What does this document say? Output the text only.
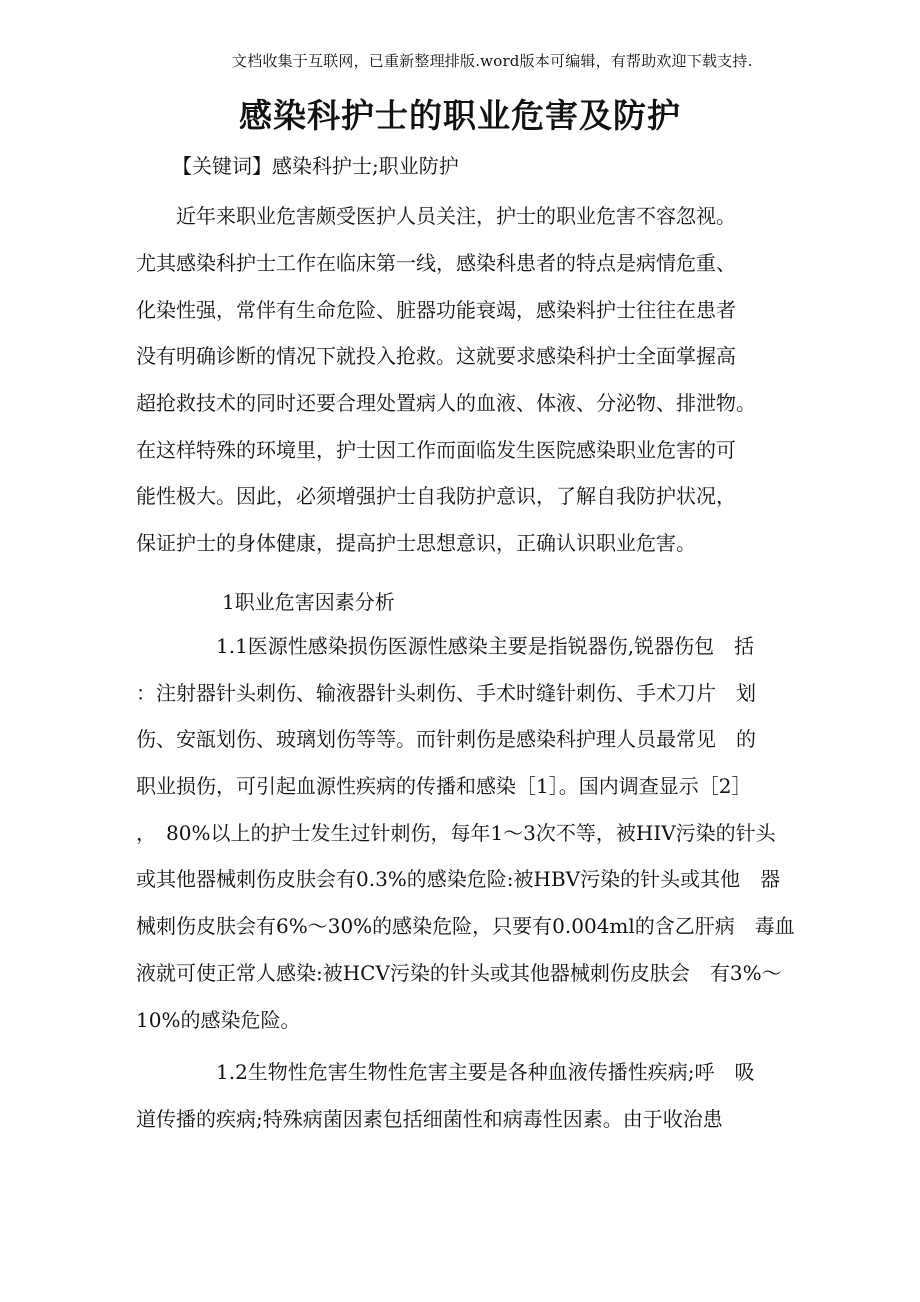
文档收集于互联网，已重新整理排版.word版本可编辑，有帮助欢迎下载支持.
感染科护士的职业危害及防护
【关键词】感染科护士;职业防护
　　近年来职业危害颇受医护人员关注，护士的职业危害不容忽视。
尤其感染科护士工作在临床第一线，感染科患者的特点是病情危重、
化染性强，常伴有生命危险、脏器功能衰竭，感染料护士往往在患者
没有明确诊断的情况下就投入抢救。这就要求感染科护士全面掌握高
超抢救技术的同时还要合理处置病人的血液、体液、分泌物、排泄物。
在这样特殊的环境里，护士因工作而面临发生医院感染职业危害的可
能性极大。因此，必须增强护士自我防护意识，了解自我防护状况，
保证护士的身体健康，提高护士思想意识，正确认识职业危害。
1职业危害因素分析
　　　　1.1医源性感染损伤医源性感染主要是指锐器伤,锐器伤包　括
：注射器针头刺伤、输液器针头刺伤、手术时缝针刺伤、手术刀片　划
伤、安瓿划伤、玻璃划伤等等。而针刺伤是感染科护理人员最常见　的
职业损伤，可引起血源性疾病的传播和感染［1］。国内调查显示［2］
，　80%以上的护士发生过针刺伤，每年1～3次不等，被HIV污染的针头
或其他器械刺伤皮肤会有0.3%的感染危险:被HBV污染的针头或其他　器
械刺伤皮肤会有6%～30%的感染危险，只要有0.004ml的含乙肝病　毒血
液就可使正常人感染:被HCV污染的针头或其他器械刺伤皮肤会　有3%～
10%的感染危险。
　　　　1.2生物性危害生物性危害主要是各种血液传播性疾病;呼　吸
道传播的疾病;特殊病菌因素包括细菌性和病毒性因素。由于收治患
